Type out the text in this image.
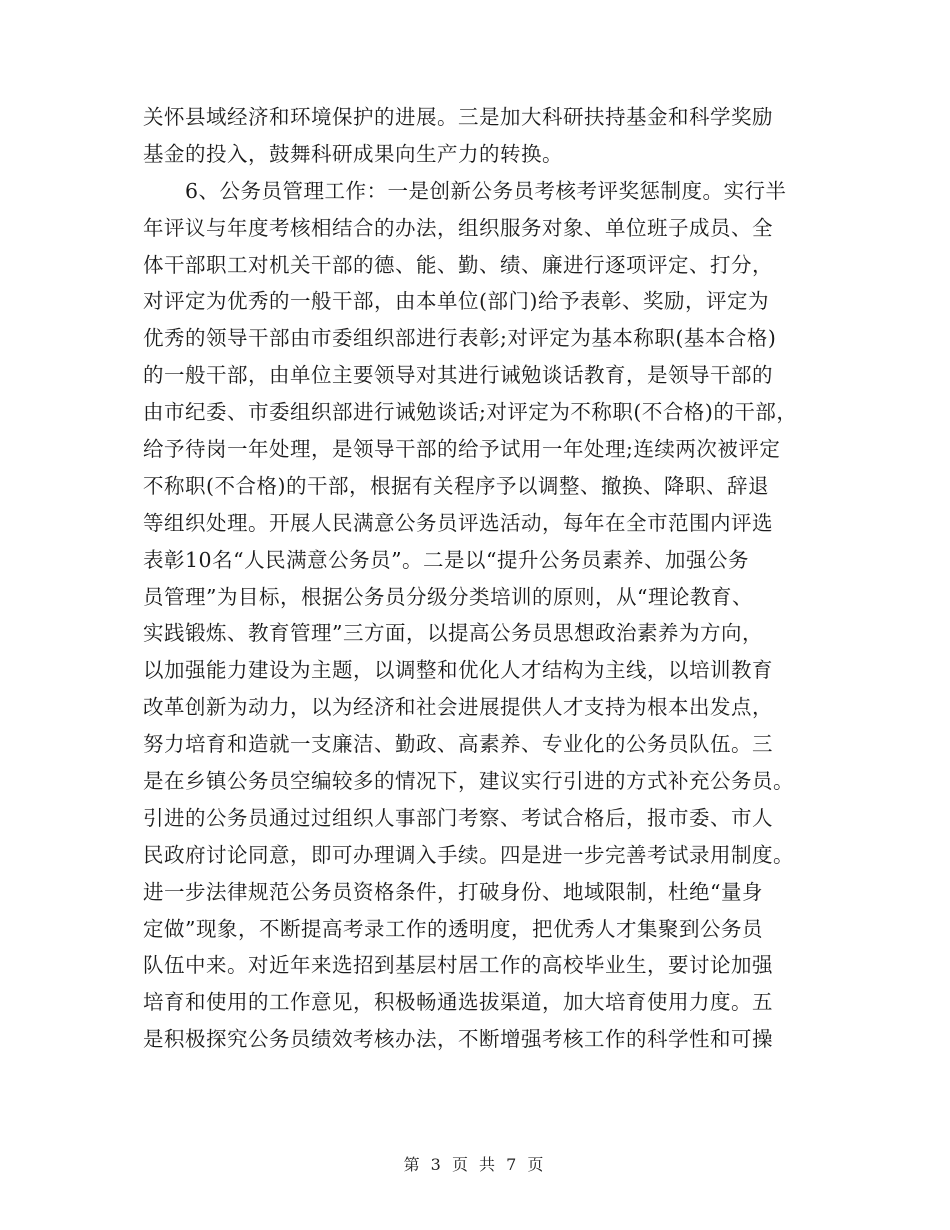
关怀县域经济和环境保护的进展。三是加大科研扶持基金和科学奖励
基金的投入，鼓舞科研成果向生产力的转换。
　　6、公务员管理工作：一是创新公务员考核考评奖惩制度。实行半
年评议与年度考核相结合的办法，组织服务对象、单位班子成员、全
体干部职工对机关干部的德、能、勤、绩、廉进行逐项评定、打分，
对评定为优秀的一般干部，由本单位(部门)给予表彰、奖励，评定为
优秀的领导干部由市委组织部进行表彰;对评定为基本称职(基本合格)
的一般干部，由单位主要领导对其进行诫勉谈话教育，是领导干部的
由市纪委、市委组织部进行诫勉谈话;对评定为不称职(不合格)的干部，
给予待岗一年处理，是领导干部的给予试用一年处理;连续两次被评定
不称职(不合格)的干部，根据有关程序予以调整、撤换、降职、辞退
等组织处理。开展人民满意公务员评选活动，每年在全市范围内评选
表彰10名“人民满意公务员”。二是以“提升公务员素养、加强公务
员管理”为目标，根据公务员分级分类培训的原则，从“理论教育、
实践锻炼、教育管理”三方面，以提高公务员思想政治素养为方向，
以加强能力建设为主题，以调整和优化人才结构为主线，以培训教育
改革创新为动力，以为经济和社会进展提供人才支持为根本出发点，
努力培育和造就一支廉洁、勤政、高素养、专业化的公务员队伍。三
是在乡镇公务员空编较多的情况下，建议实行引进的方式补充公务员。
引进的公务员通过过组织人事部门考察、考试合格后，报市委、市人
民政府讨论同意，即可办理调入手续。四是进一步完善考试录用制度。
进一步法律规范公务员资格条件，打破身份、地域限制，杜绝“量身
定做”现象，不断提高考录工作的透明度，把优秀人才集聚到公务员
队伍中来。对近年来选招到基层村居工作的高校毕业生，要讨论加强
培育和使用的工作意见，积极畅通选拔渠道，加大培育使用力度。五
是积极探究公务员绩效考核办法，不断增强考核工作的科学性和可操
第 3 页 共 7 页
